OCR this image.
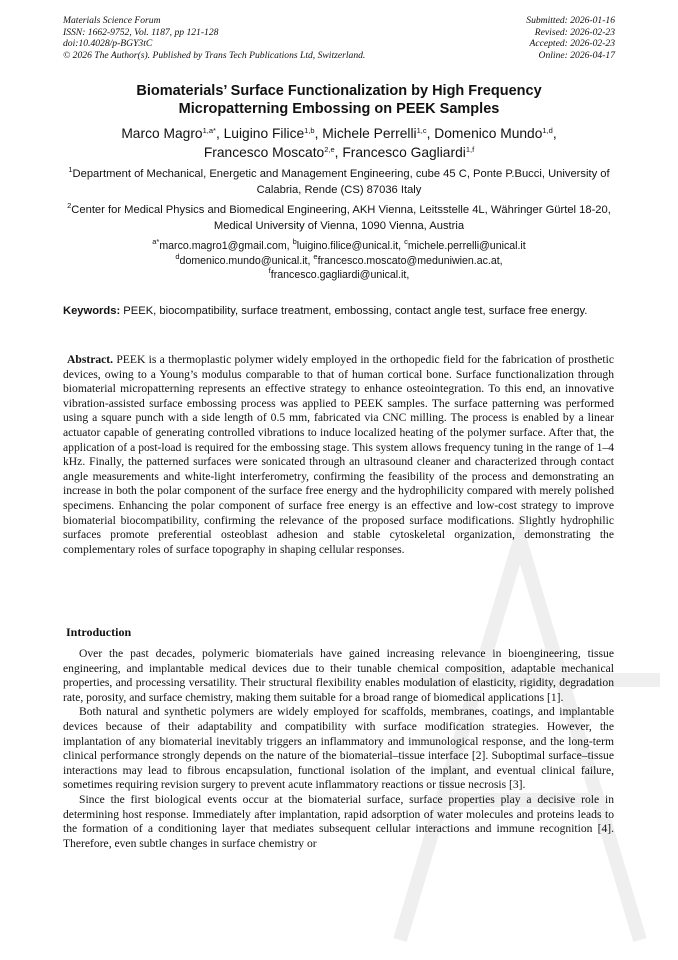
Materials Science Forum
ISSN: 1662-9752, Vol. 1187, pp 121-128
doi:10.4028/p-BGY3tC
© 2026 The Author(s). Published by Trans Tech Publications Ltd, Switzerland.
Submitted: 2026-01-16
Revised: 2026-02-23
Accepted: 2026-02-23
Online: 2026-04-17
Biomaterials’ Surface Functionalization by High Frequency
Micropatterning Embossing on PEEK Samples
Marco Magro$^{1,a*}$, Luigino Filice$^{1,b}$, Michele Perrelli$^{1,c}$, Domenico Mundo$^{1,d}$,
Francesco Moscato$^{2,e}$, Francesco Gagliardi$^{1,f}$
$^1$Department of Mechanical, Energetic and Management Engineering, cube 45 C, Ponte P.Bucci, University of Calabria, Rende (CS) 87036 Italy
$^2$Center for Medical Physics and Biomedical Engineering, AKH Vienna, Leitsstelle 4L, Währinger Gürtel 18-20, Medical University of Vienna, 1090 Vienna, Austria
$^{a*}$marco.magro1@gmail.com, $^b$luigino.filice@unical.it, $^c$michele.perrelli@unical.it
$^d$domenico.mundo@unical.it, $^e$francesco.moscato@meduniwien.ac.at,
$^f$francesco.gagliardi@unical.it,
Keywords: PEEK, biocompatibility, surface treatment, embossing, contact angle test, surface free energy.
Abstract. PEEK is a thermoplastic polymer widely employed in the orthopedic field for the fabrication of prosthetic devices, owing to a Young’s modulus comparable to that of human cortical bone. Surface functionalization through biomaterial micropatterning represents an effective strategy to enhance osteointegration. To this end, an innovative vibration-assisted surface embossing process was applied to PEEK samples. The surface patterning was performed using a square punch with a side length of 0.5 mm, fabricated via CNC milling. The process is enabled by a linear actuator capable of generating controlled vibrations to induce localized heating of the polymer surface. After that, the application of a post-load is required for the embossing stage. This system allows frequency tuning in the range of 1–4 kHz. Finally, the patterned surfaces were sonicated through an ultrasound cleaner and characterized through contact angle measurements and white-light interferometry, confirming the feasibility of the process and demonstrating an increase in both the polar component of the surface free energy and the hydrophilicity compared with merely polished specimens. Enhancing the polar component of surface free energy is an effective and low-cost strategy to improve biomaterial biocompatibility, confirming the relevance of the proposed surface modifications. Slightly hydrophilic surfaces promote preferential osteoblast adhesion and stable cytoskeletal organization, demonstrating the complementary roles of surface topography in shaping cellular responses.
Introduction

Over the past decades, polymeric biomaterials have gained increasing relevance in bioengineering, tissue engineering, and implantable medical devices due to their tunable chemical composition, adaptable mechanical properties, and processing versatility. Their structural flexibility enables modulation of elasticity, rigidity, degradation rate, porosity, and surface chemistry, making them suitable for a broad range of biomedical applications [1].

Both natural and synthetic polymers are widely employed for scaffolds, membranes, coatings, and implantable devices because of their adaptability and compatibility with surface modification strategies. However, the implantation of any biomaterial inevitably triggers an inflammatory and immunological response, and the long-term clinical performance strongly depends on the nature of the biomaterial–tissue interface [2]. Suboptimal surface–tissue interactions may lead to fibrous encapsulation, functional isolation of the implant, and eventual clinical failure, sometimes requiring revision surgery to prevent acute inflammatory reactions or tissue necrosis [3].

Since the first biological events occur at the biomaterial surface, surface properties play a decisive role in determining host response. Immediately after implantation, rapid adsorption of water molecules and proteins leads to the formation of a conditioning layer that mediates subsequent cellular interactions and immune recognition [4]. Therefore, even subtle changes in surface chemistry or
